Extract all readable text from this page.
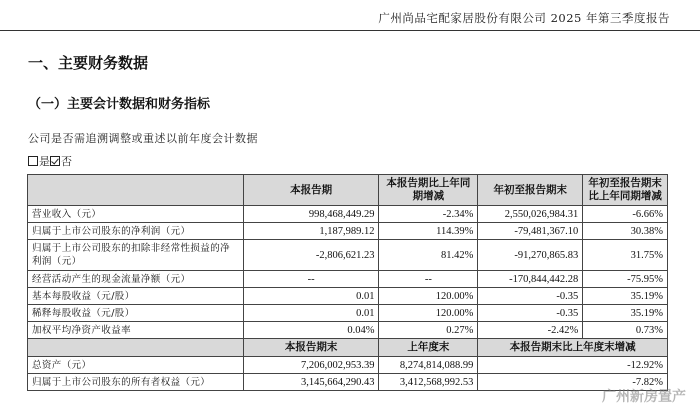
广州尚品宅配家居股份有限公司 2025 年第三季度报告
一、主要财务数据
（一）主要会计数据和财务指标
公司是否需追溯调整或重述以前年度会计数据
是 否
	本报告期	本报告期比上年同期增减	年初至报告期末	年初至报告期末比上年同期增减
营业收入（元）	998,468,449.29	-2.34%	2,550,026,984.31	-6.66%
归属于上市公司股东的净利润（元）	1,187,989.12	114.39%	-79,481,367.10	30.38%
归属于上市公司股东的扣除非经常性损益的净利润（元）	-2,806,621.23	81.42%	-91,270,865.83	31.75%
经营活动产生的现金流量净额（元）	--	--	-170,844,442.28	-75.95%
基本每股收益（元/股）	0.01	120.00%	-0.35	35.19%
稀释每股收益（元/股）	0.01	120.00%	-0.35	35.19%
加权平均净资产收益率	0.04%	0.27%	-2.42%	0.73%
	本报告期末	上年度末	本报告期末比上年度末增减	
总资产（元）	7,206,002,953.39	8,274,814,088.99	-12.92%	
归属于上市公司股东的所有者权益（元）	3,145,664,290.43	3,412,568,992.53	-7.82%	
广州新房置产
